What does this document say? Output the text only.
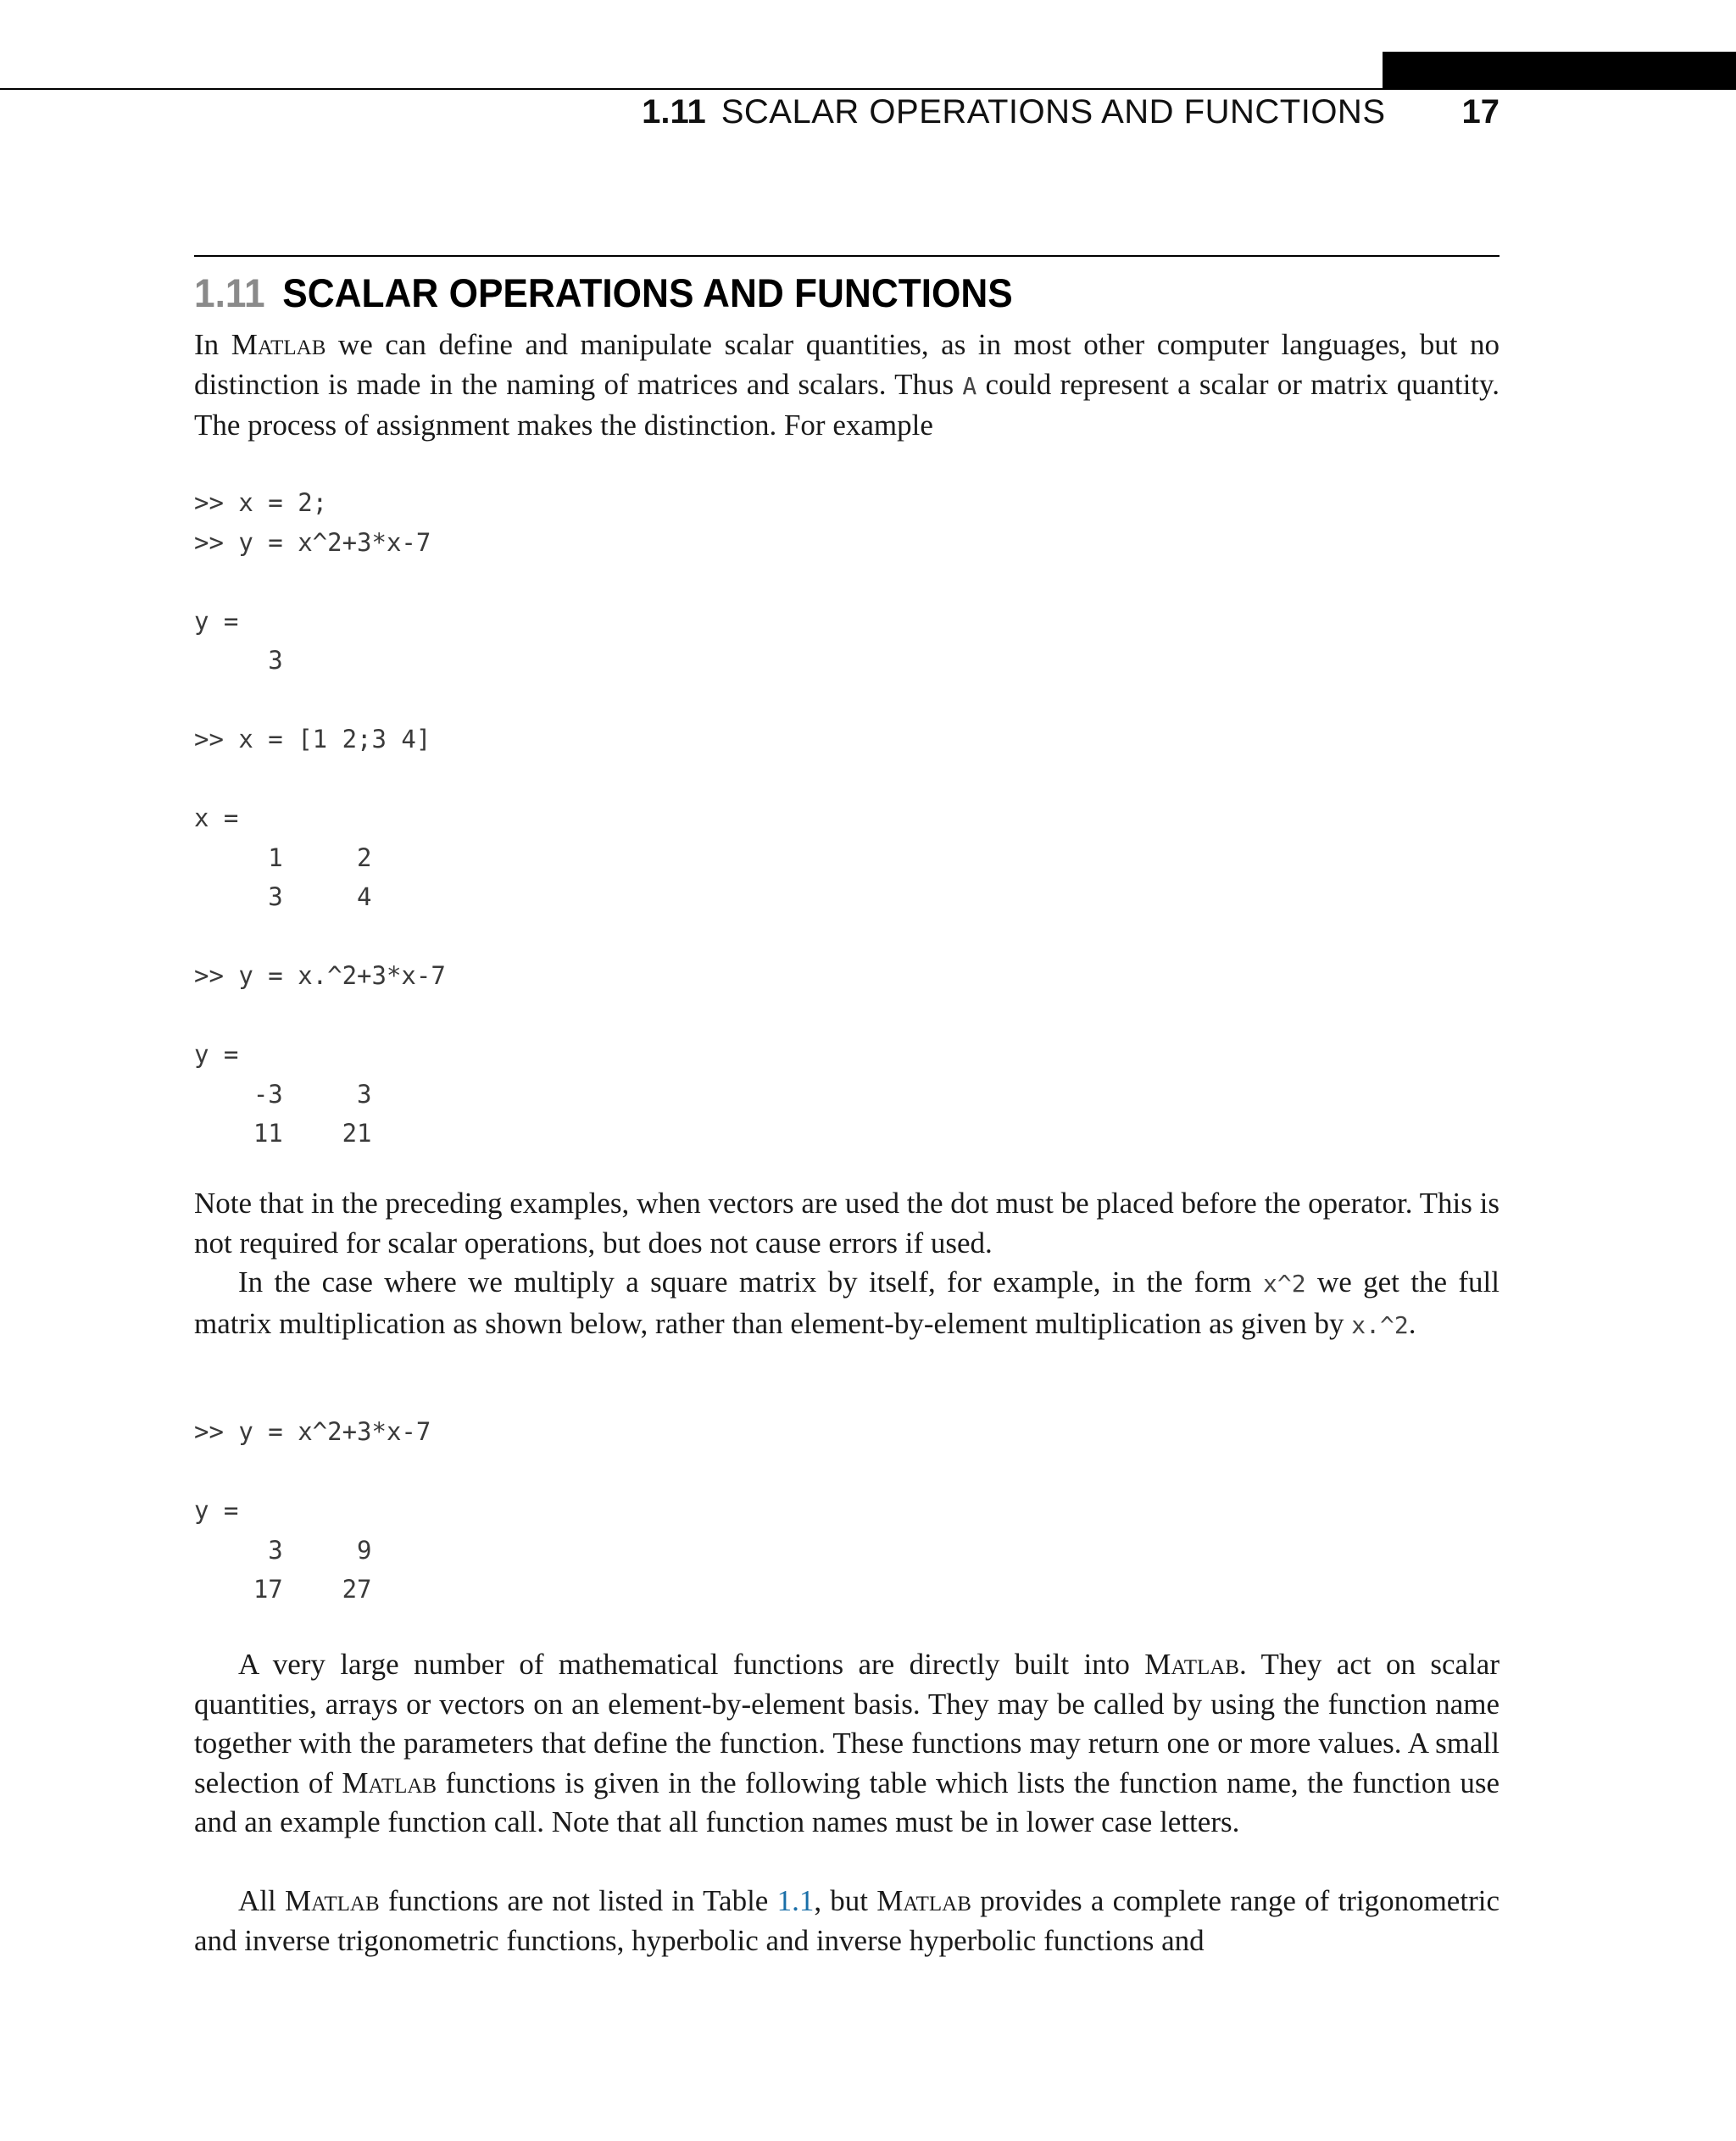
1.11 SCALAR OPERATIONS AND FUNCTIONS 17
1.11 SCALAR OPERATIONS AND FUNCTIONS
In Matlab we can define and manipulate scalar quantities, as in most other computer languages, but no distinction is made in the naming of matrices and scalars. Thus A could represent a scalar or matrix quantity. The process of assignment makes the distinction. For example
>> x = 2;
>> y = x^2+3*x-7

y =
3

>> x = [1 2;3 4]

x =
1     2
3     4

>> y = x.^2+3*x-7

y =
-3     3
11    21
Note that in the preceding examples, when vectors are used the dot must be placed before the operator. This is not required for scalar operations, but does not cause errors if used.
In the case where we multiply a square matrix by itself, for example, in the form x^2 we get the full matrix multiplication as shown below, rather than element-by-element multiplication as given by x.^2.
>> y = x^2+3*x-7

y =
3     9
17    27
A very large number of mathematical functions are directly built into Matlab. They act on scalar quantities, arrays or vectors on an element-by-element basis. They may be called by using the function name together with the parameters that define the function. These functions may return one or more values. A small selection of Matlab functions is given in the following table which lists the function name, the function use and an example function call. Note that all function names must be in lower case letters.
All Matlab functions are not listed in Table 1.1, but Matlab provides a complete range of trigonometric and inverse trigonometric functions, hyperbolic and inverse hyperbolic functions and
